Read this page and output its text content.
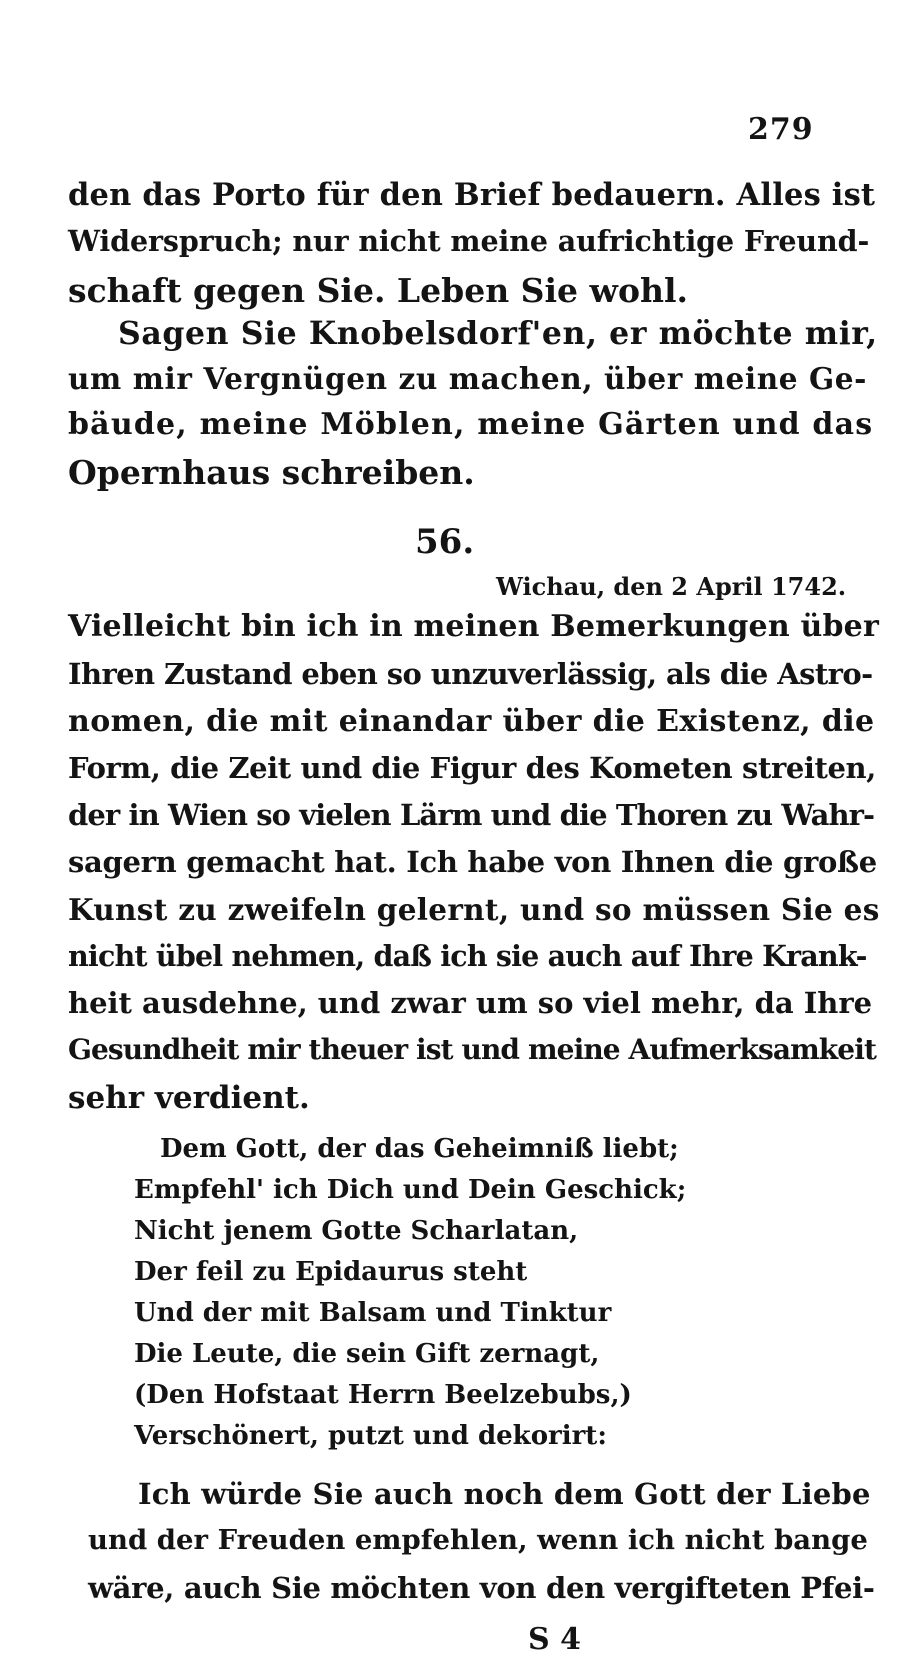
279
den das Porto für den Brief bedauern. Alles ist
Widerspruch; nur nicht meine aufrichtige Freund-
schaft gegen Sie. Leben Sie wohl.
Sagen Sie Knobelsdorf'en, er möchte mir,
um mir Vergnügen zu machen, über meine Ge-
bäude, meine Möblen, meine Gärten und das
Opernhaus schreiben.
56.
Wichau, den 2 April 1742.
Vielleicht bin ich in meinen Bemerkungen über
Ihren Zustand eben so unzuverlässig, als die Astro-
nomen, die mit einandar über die Existenz, die
Form, die Zeit und die Figur des Kometen streiten,
der in Wien so vielen Lärm und die Thoren zu Wahr-
sagern gemacht hat. Ich habe von Ihnen die große
Kunst zu zweifeln gelernt, und so müssen Sie es
nicht übel nehmen, daß ich sie auch auf Ihre Krank-
heit ausdehne, und zwar um so viel mehr, da Ihre
Gesundheit mir theuer ist und meine Aufmerksamkeit
sehr verdient.
Dem Gott, der das Geheimniß liebt;
Empfehl' ich Dich und Dein Geschick;
Nicht jenem Gotte Scharlatan,
Der feil zu Epidaurus steht
Und der mit Balsam und Tinktur
Die Leute, die sein Gift zernagt,
(Den Hofstaat Herrn Beelzebubs,)
Verschönert, putzt und dekorirt:
Ich würde Sie auch noch dem Gott der Liebe
und der Freuden empfehlen, wenn ich nicht bange
wäre, auch Sie möchten von den vergifteten Pfei-
S 4
